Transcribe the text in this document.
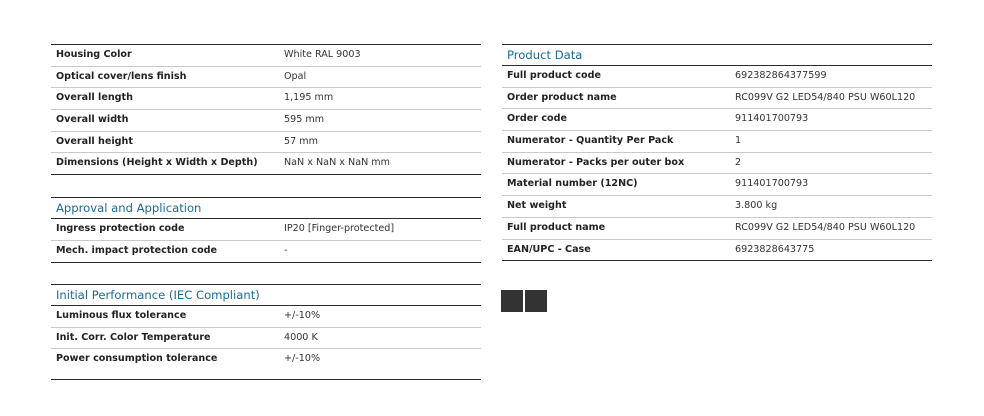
Housing Color	White RAL 9003
Optical cover/lens finish	Opal
Overall length	1,195 mm
Overall width	595 mm
Overall height	57 mm
Dimensions (Height x Width x Depth)	NaN x NaN x NaN mm
Approval and Application
Ingress protection code	IP20 [Finger-protected]
Mech. impact protection code	-
Initial Performance (IEC Compliant)
Luminous flux tolerance	+/-10%
Init. Corr. Color Temperature	4000 K
Power consumption tolerance	+/-10%
Product Data
Full product code	692382864377599
Order product name	RC099V G2 LED54/840 PSU W60L120
Order code	911401700793
Numerator - Quantity Per Pack	1
Numerator - Packs per outer box	2
Material number (12NC)	911401700793
Net weight	3.800 kg
Full product name	RC099V G2 LED54/840 PSU W60L120
EAN/UPC - Case	6923828643775
